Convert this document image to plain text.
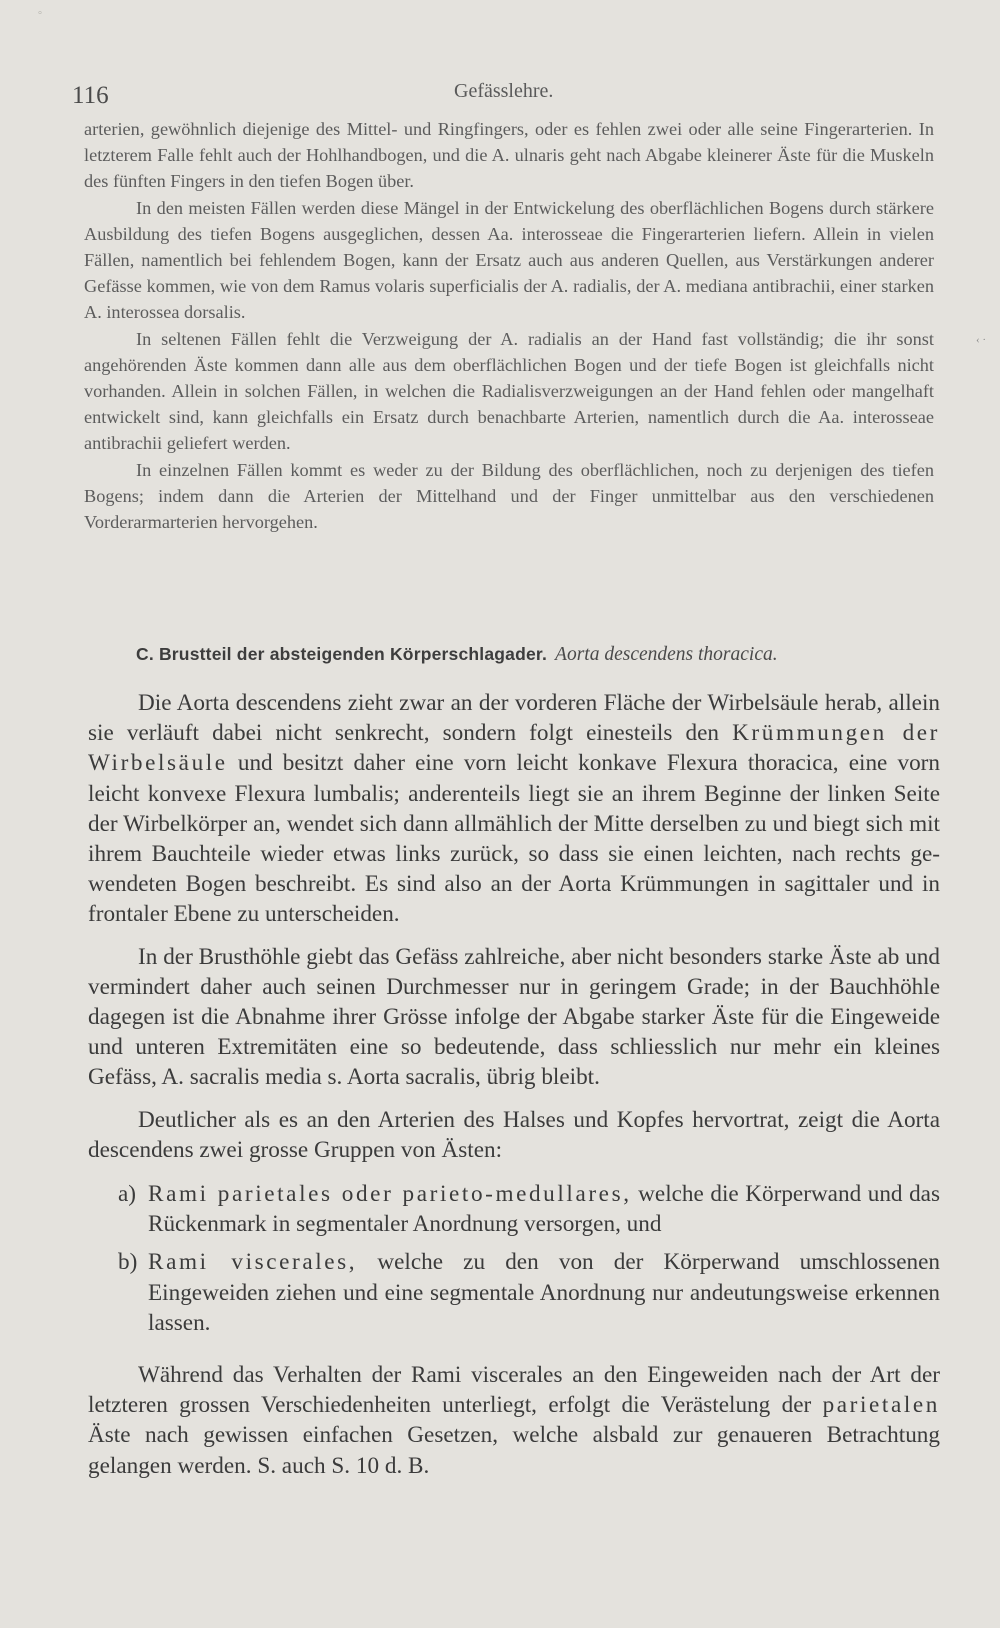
°
‹ ·
116	Gefässlehre.

arterien, gewöhnlich diejenige des Mittel- und Ringfingers, oder es fehlen zwei oder alle seine Fingerarterien. In letzterem Falle fehlt auch der Hohlhandbogen, und die A. ulnaris geht nach Abgabe kleinerer Äste für die Muskeln des fünften Fingers in den tiefen Bogen über.

In den meisten Fällen werden diese Mängel in der Entwickelung des oberflächlichen Bogens durch stärkere Ausbildung des tiefen Bogens ausgeglichen, dessen Aa. interosseae die Fingerarterien liefern. Allein in vielen Fällen, namentlich bei fehlendem Bogen, kann der Ersatz auch aus anderen Quellen, aus Verstärkungen anderer Gefässe kommen, wie von dem Ramus volaris superficialis der A. radialis, der A. mediana antibrachii, einer starken A. interossea dorsalis.

In seltenen Fällen fehlt die Verzweigung der A. radialis an der Hand fast vollständig; die ihr sonst angehörenden Äste kommen dann alle aus dem oberflächlichen Bogen und der tiefe Bogen ist gleichfalls nicht vorhanden. Allein in solchen Fällen, in welchen die Radialisverzweigungen an der Hand fehlen oder mangelhaft entwickelt sind, kann gleichfalls ein Ersatz durch benachbarte Arterien, namentlich durch die Aa. interosseae antibrachii geliefert werden.

In einzelnen Fällen kommt es weder zu der Bildung des oberflächlichen, noch zu derjenigen des tiefen Bogens; indem dann die Arterien der Mittelhand und der Finger unmittelbar aus den verschiedenen Vorderarmarterien hervorgehen.

C. Brustteil der absteigenden Körperschlagader. Aorta descendens thoracica.

Die Aorta descendens zieht zwar an der vorderen Fläche der Wirbelsäule herab, allein sie verläuft dabei nicht senkrecht, sondern folgt einesteils den Krümmungen der Wirbelsäule und besitzt daher eine vorn leicht konkave Flexura thoracica, eine vorn leicht konvexe Flexura lumbalis; anderenteils liegt sie an ihrem Beginne der linken Seite der Wirbelkörper an, wendet sich dann allmählich der Mitte derselben zu und biegt sich mit ihrem Bauchteile wieder etwas links zurück, so dass sie einen leichten, nach rechts gewendeten Bogen beschreibt. Es sind also an der Aorta Krümmungen in sagittaler und in frontaler Ebene zu unterscheiden.

In der Brusthöhle giebt das Gefäss zahlreiche, aber nicht besonders starke Äste ab und vermindert daher auch seinen Durchmesser nur in geringem Grade; in der Bauchhöhle dagegen ist die Abnahme ihrer Grösse infolge der Abgabe starker Äste für die Eingeweide und unteren Extremitäten eine so bedeutende, dass schliesslich nur mehr ein kleines Gefäss, A. sacralis media s. Aorta sacralis, übrig bleibt.

Deutlicher als es an den Arterien des Halses und Kopfes hervortrat, zeigt die Aorta descendens zwei grosse Gruppen von Ästen:

a) Rami parietales oder parieto-medullares, welche die Körperwand und das Rückenmark in segmentaler Anordnung versorgen, und
b) Rami viscerales, welche zu den von der Körperwand umschlossenen Eingeweiden ziehen und eine segmentale Anordnung nur andeutungsweise erkennen lassen.

Während das Verhalten der Rami viscerales an den Eingeweiden nach der Art der letzteren grossen Verschiedenheiten unterliegt, erfolgt die Verästelung der parietalen Äste nach gewissen einfachen Gesetzen, welche alsbald zur genaueren Betrachtung gelangen werden. S. auch S. 10 d. B.
